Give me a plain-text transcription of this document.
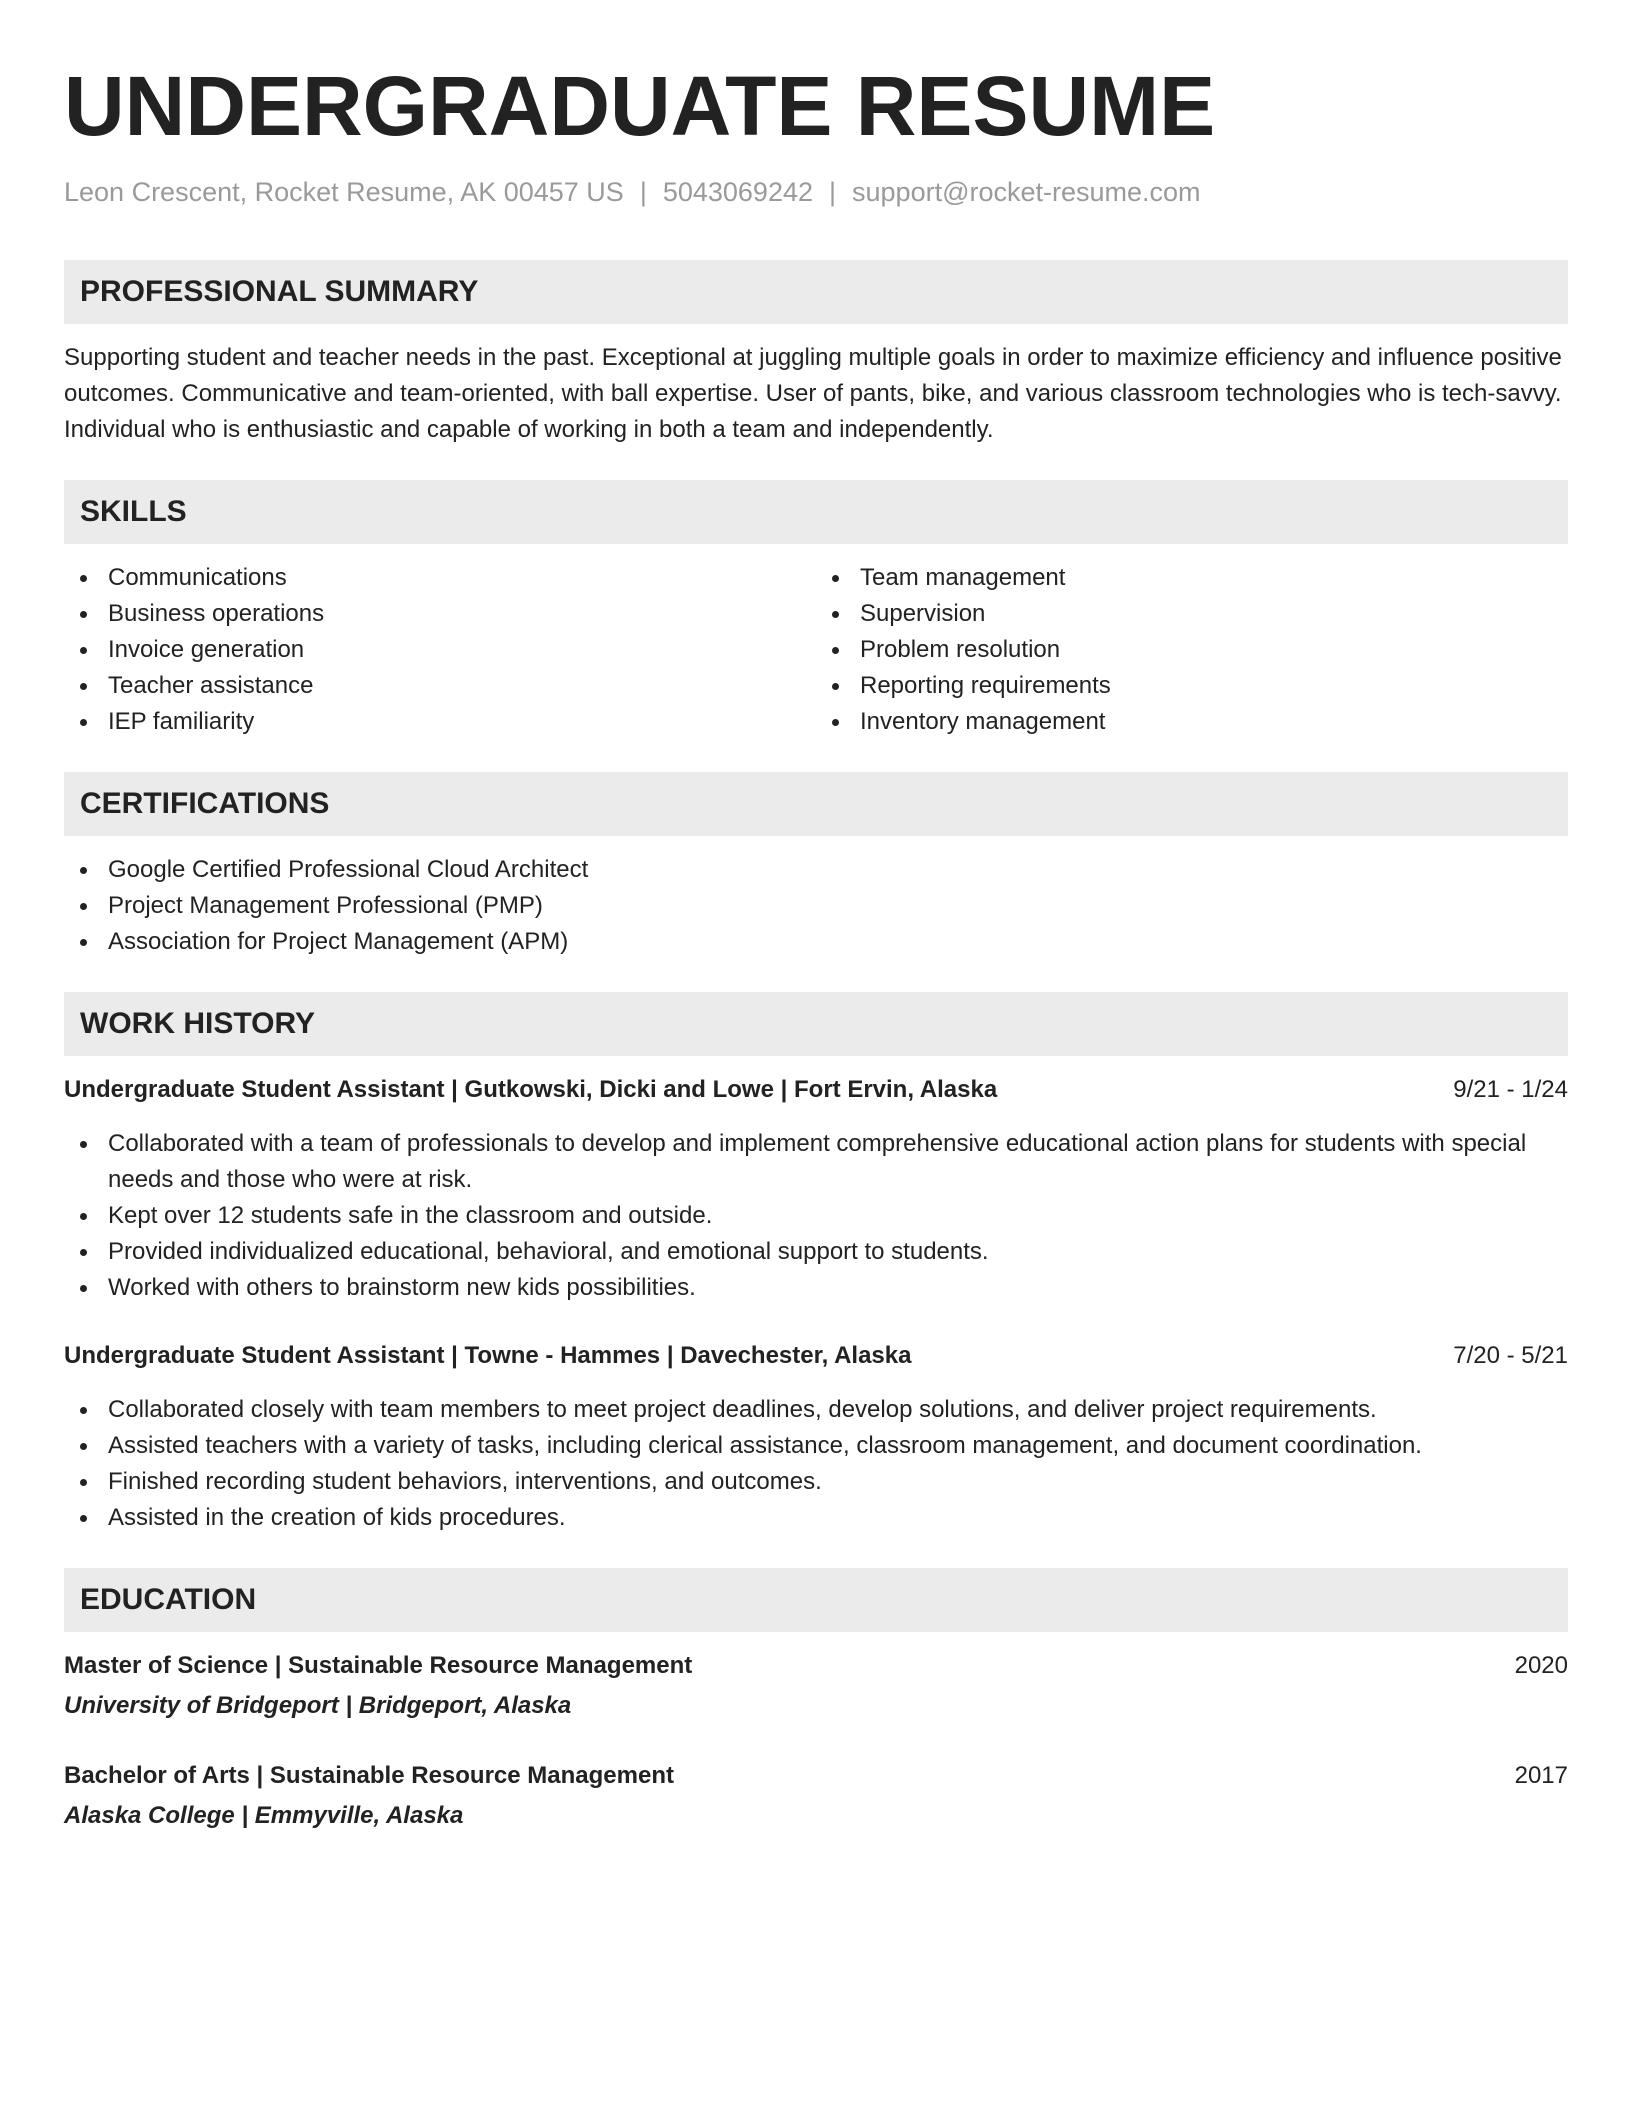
UNDERGRADUATE RESUME
Leon Crescent, Rocket Resume, AK 00457 US | 5043069242 | support@rocket-resume.com
PROFESSIONAL SUMMARY

Supporting student and teacher needs in the past. Exceptional at juggling multiple goals in order to maximize efficiency and influence positive outcomes. Communicative and team-oriented, with ball expertise. User of pants, bike, and various classroom technologies who is tech-savvy. Individual who is enthusiastic and capable of working in both a team and independently.

SKILLS
Communications
Business operations
Invoice generation
Teacher assistance
IEP familiarity
Team management
Supervision
Problem resolution
Reporting requirements
Inventory management
CERTIFICATIONS
Google Certified Professional Cloud Architect
Project Management Professional (PMP)
Association for Project Management (APM)
WORK HISTORY
Undergraduate Student Assistant | Gutkowski, Dicki and Lowe | Fort Ervin, Alaska	9/21 - 1/24
Collaborated with a team of professionals to develop and implement comprehensive educational action plans for students with special needs and those who were at risk.
Kept over 12 students safe in the classroom and outside.
Provided individualized educational, behavioral, and emotional support to students.
Worked with others to brainstorm new kids possibilities.
Undergraduate Student Assistant | Towne - Hammes | Davechester, Alaska	7/20 - 5/21
Collaborated closely with team members to meet project deadlines, develop solutions, and deliver project requirements.
Assisted teachers with a variety of tasks, including clerical assistance, classroom management, and document coordination.
Finished recording student behaviors, interventions, and outcomes.
Assisted in the creation of kids procedures.
EDUCATION
Master of Science | Sustainable Resource Management	2020
University of Bridgeport | Bridgeport, Alaska
Bachelor of Arts | Sustainable Resource Management	2017
Alaska College | Emmyville, Alaska
